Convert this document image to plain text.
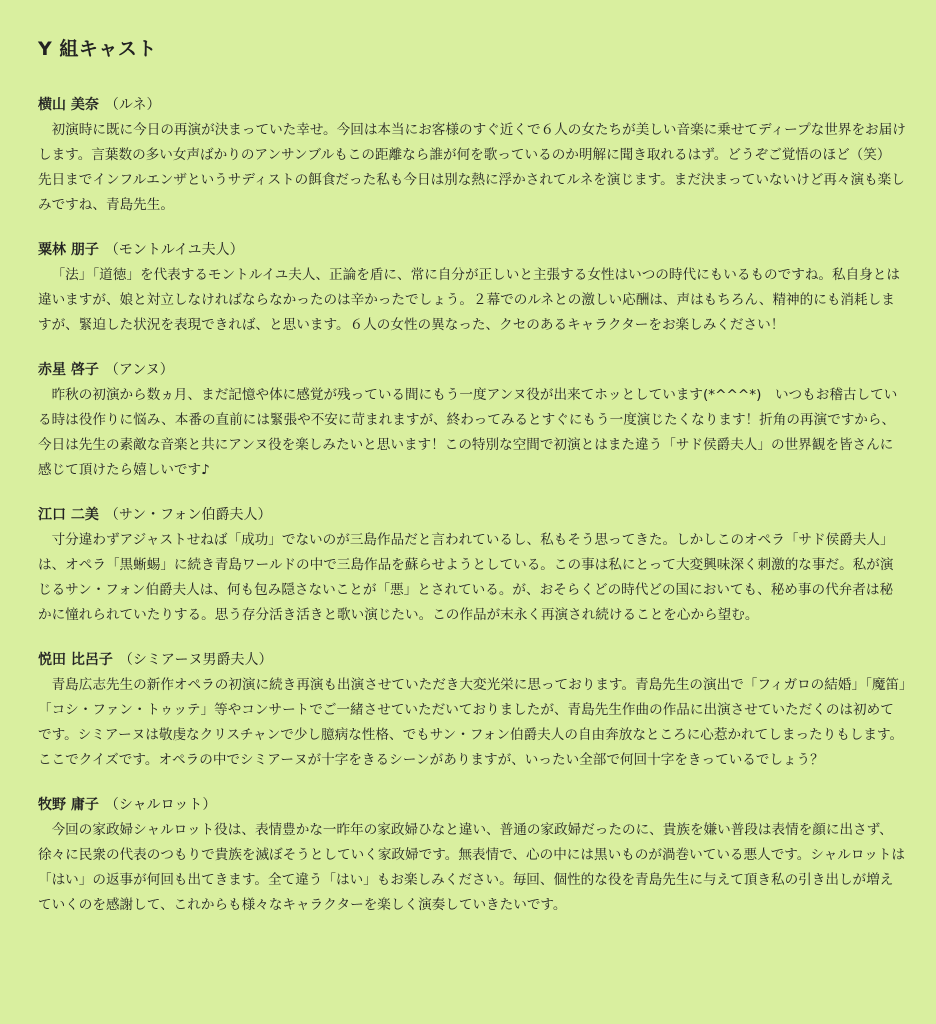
Y 組キャスト

横山 美奈 （ルネ）

初演時に既に今日の再演が決まっていた幸せ。今回は本当にお客様のすぐ近くで６人の女たちが美しい音楽に乗せてディープな世界をお届けします。言葉数の多い女声ばかりのアンサンブルもこの距離なら誰が何を歌っているのか明解に聞き取れるはず。どうぞご覚悟のほど（笑）　先日までインフルエンザというサディストの餌食だった私も今日は別な熱に浮かされてルネを演じます。まだ決まっていないけど再々演も楽しみですね、青島先生。

粟林 朋子 （モントルイユ夫人）

「法」「道徳」を代表するモントルイユ夫人、正論を盾に、常に自分が正しいと主張する女性はいつの時代にもいるものですね。私自身とは違いますが、娘と対立しなければならなかったのは辛かったでしょう。２幕でのルネとの激しい応酬は、声はもちろん、精神的にも消耗しますが、緊迫した状況を表現できれば、と思います。６人の女性の異なった、クセのあるキャラクターをお楽しみください！

赤星 啓子 （アンヌ）

昨秋の初演から数ヵ月、まだ記憶や体に感覚が残っている間にもう一度アンヌ役が出来てホッとしています(*^^^*)　いつもお稽古している時は役作りに悩み、本番の直前には緊張や不安に苛まれますが、終わってみるとすぐにもう一度演じたくなります！折角の再演ですから、今日は先生の素敵な音楽と共にアンヌ役を楽しみたいと思います！この特別な空間で初演とはまた違う「サド侯爵夫人」の世界観を皆さんに感じて頂けたら嬉しいです♪

江口 二美 （サン・フォン伯爵夫人）

寸分違わずアジャストせねば「成功」でないのが三島作品だと言われているし、私もそう思ってきた。しかしこのオペラ「サド侯爵夫人」は、オペラ「黒蜥蜴」に続き青島ワールドの中で三島作品を蘇らせようとしている。この事は私にとって大変興味深く刺激的な事だ。私が演じるサン・フォン伯爵夫人は、何も包み隠さないことが「悪」とされている。が、おそらくどの時代どの国においても、秘め事の代弁者は秘かに憧れられていたりする。思う存分活き活きと歌い演じたい。この作品が末永く再演され続けることを心から望む。

悦田 比呂子 （シミアーヌ男爵夫人）

青島広志先生の新作オペラの初演に続き再演も出演させていただき大変光栄に思っております。青島先生の演出で「フィガロの結婚」「魔笛」「コシ・ファン・トゥッテ」等やコンサートでご一緒させていただいておりましたが、青島先生作曲の作品に出演させていただくのは初めてです。シミアーヌは敬虔なクリスチャンで少し臆病な性格、でもサン・フォン伯爵夫人の自由奔放なところに心惹かれてしまったりもします。ここでクイズです。オペラの中でシミアーヌが十字をきるシーンがありますが、いったい全部で何回十字をきっているでしょう？

牧野 庸子 （シャルロット）

今回の家政婦シャルロット役は、表情豊かな一昨年の家政婦ひなと違い、普通の家政婦だったのに、貴族を嫌い普段は表情を顔に出さず、徐々に民衆の代表のつもりで貴族を滅ぼそうとしていく家政婦です。無表情で、心の中には黒いものが渦巻いている悪人です。シャルロットは「はい」の返事が何回も出てきます。全て違う「はい」もお楽しみください。毎回、個性的な役を青島先生に与えて頂き私の引き出しが増えていくのを感謝して、これからも様々なキャラクターを楽しく演奏していきたいです。
